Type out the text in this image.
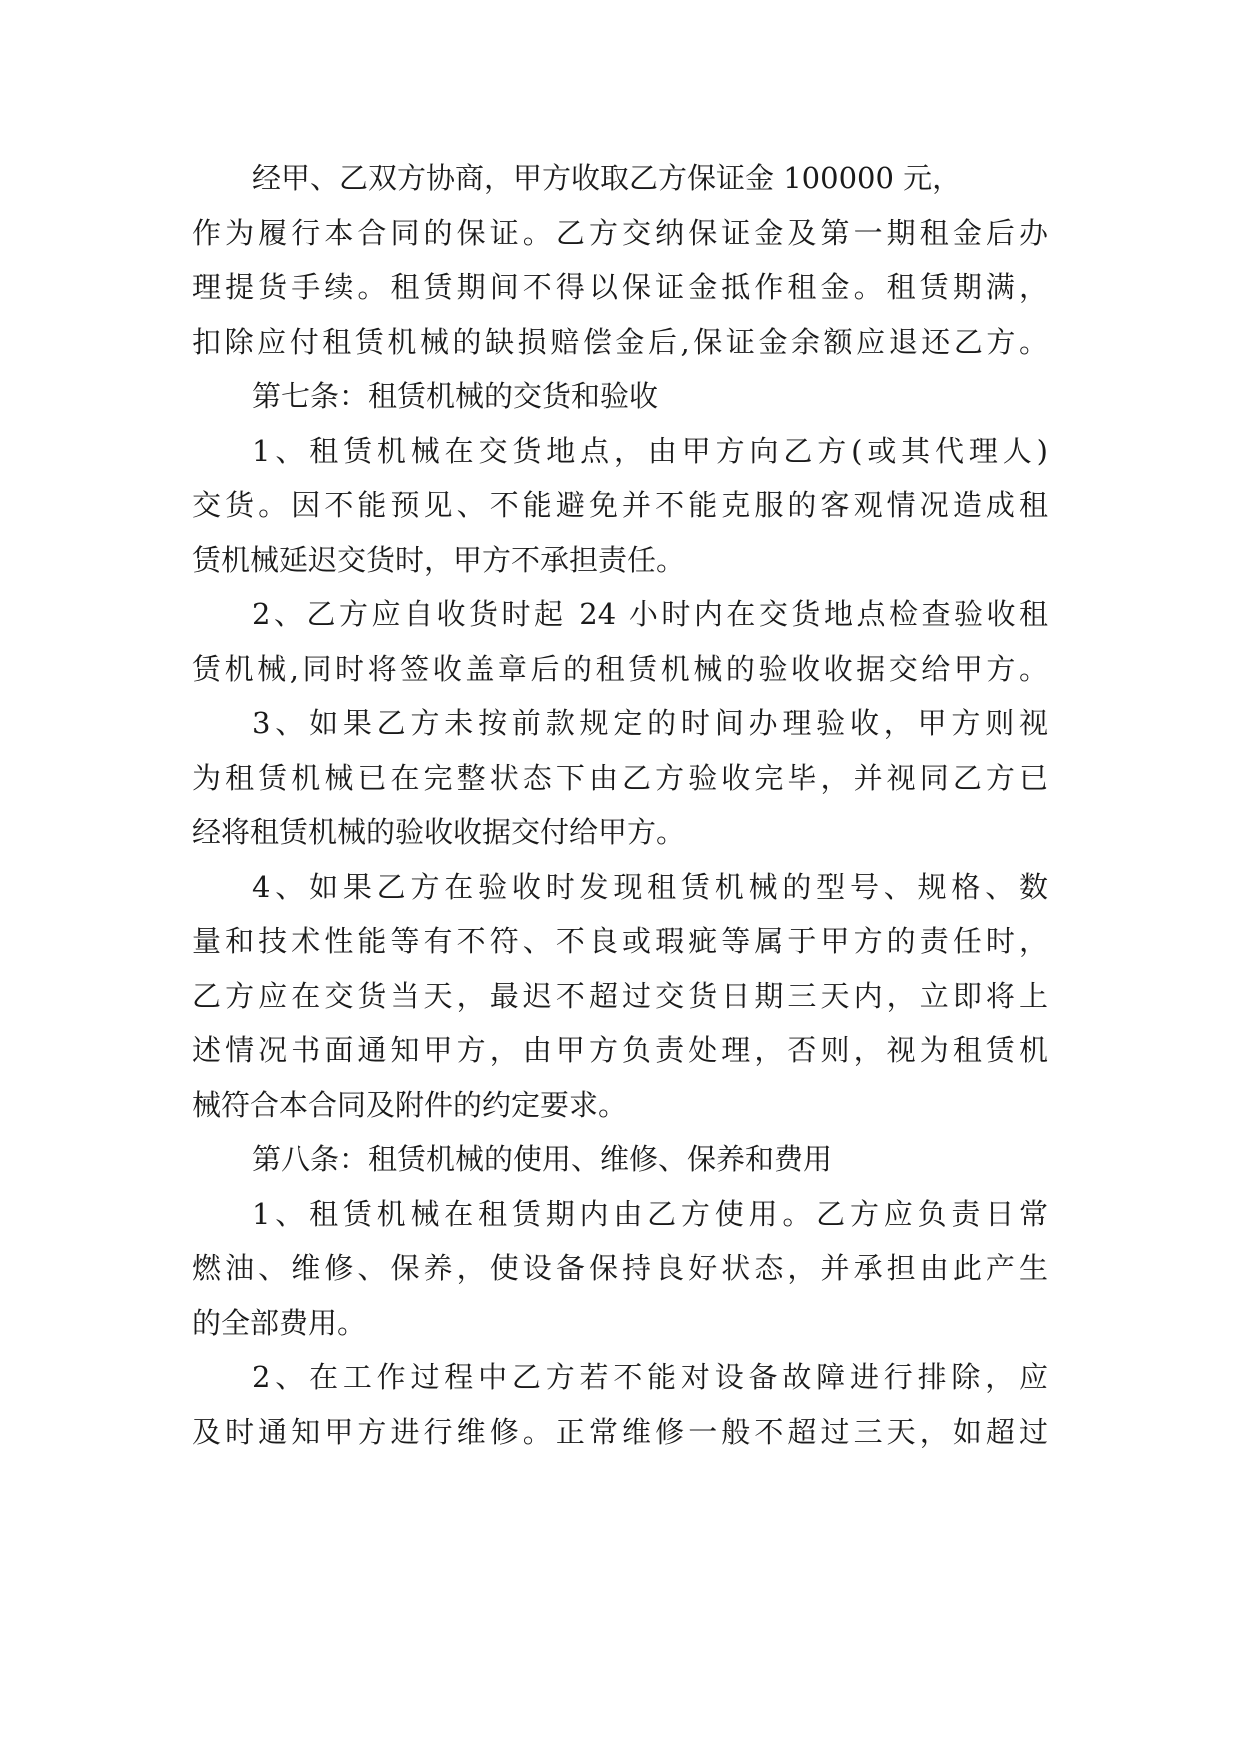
经甲、乙双方协商，甲方收取乙方保证金 100000 元，
作为履行本合同的保证。乙方交纳保证金及第一期租金后办
理提货手续。租赁期间不得以保证金抵作租金。租赁期满，
扣除应付租赁机械的缺损赔偿金后,保证金余额应退还乙方。
第七条：租赁机械的交货和验收
1、租赁机械在交货地点，由甲方向乙方(或其代理人)
交货。因不能预见、不能避免并不能克服的客观情况造成租
赁机械延迟交货时，甲方不承担责任。
2、乙方应自收货时起 24 小时内在交货地点检查验收租
赁机械,同时将签收盖章后的租赁机械的验收收据交给甲方。
3、如果乙方未按前款规定的时间办理验收，甲方则视
为租赁机械已在完整状态下由乙方验收完毕，并视同乙方已
经将租赁机械的验收收据交付给甲方。
4、如果乙方在验收时发现租赁机械的型号、规格、数
量和技术性能等有不符、不良或瑕疵等属于甲方的责任时，
乙方应在交货当天，最迟不超过交货日期三天内，立即将上
述情况书面通知甲方，由甲方负责处理，否则，视为租赁机
械符合本合同及附件的约定要求。
第八条：租赁机械的使用、维修、保养和费用
1、租赁机械在租赁期内由乙方使用。乙方应负责日常
燃油、维修、保养，使设备保持良好状态，并承担由此产生
的全部费用。
2、在工作过程中乙方若不能对设备故障进行排除，应
及时通知甲方进行维修。正常维修一般不超过三天，如超过
